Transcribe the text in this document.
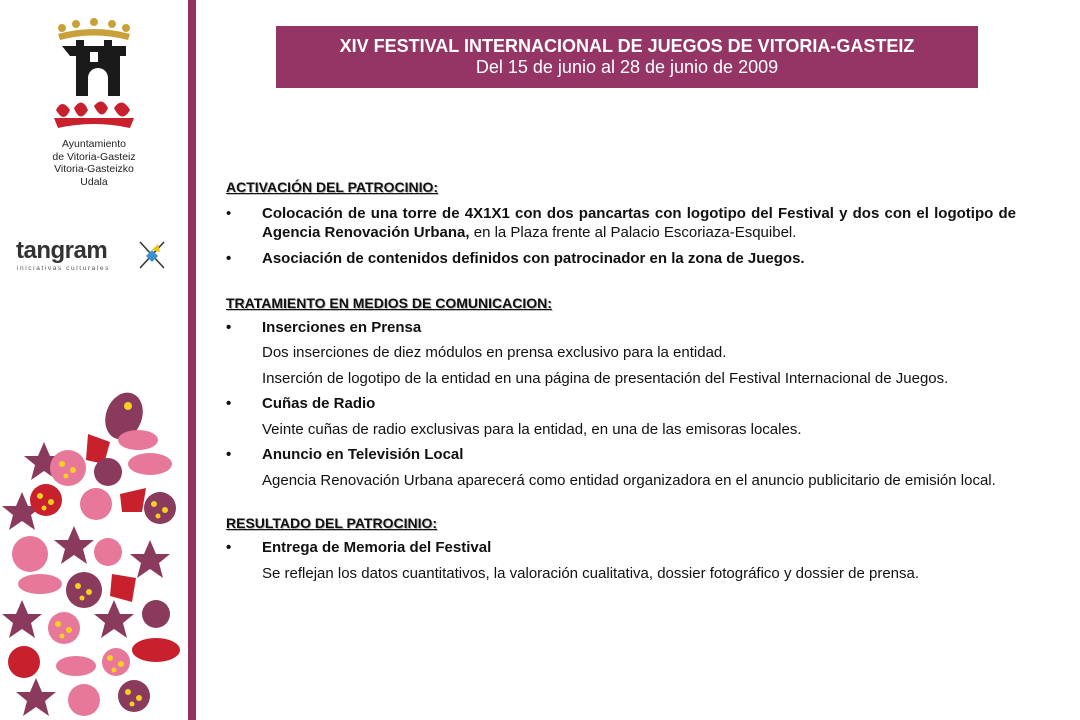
Ayuntamiento
de Vitoria-Gasteiz
Vitoria-Gasteizko
Udala
tangram
iniciativas culturales
XIV FESTIVAL INTERNACIONAL DE JUEGOS DE VITORIA-GASTEIZ
Del 15 de junio al 28 de junio de 2009
ACTIVACIÓN DEL PATROCINIO:
• Colocación de una torre de 4X1X1 con dos pancartas con logotipo del Festival y dos con el logotipo de Agencia Renovación Urbana, en la Plaza frente al Palacio Escoriaza-Esquibel.
• Asociación de contenidos definidos con patrocinador en la zona de Juegos.
TRATAMIENTO EN MEDIOS DE COMUNICACION:
• Inserciones en Prensa
Dos inserciones de diez módulos en prensa exclusivo para la entidad.
Inserción de logotipo de la entidad en una página de presentación del Festival Internacional de Juegos.
• Cuñas de Radio
Veinte cuñas de radio exclusivas para la entidad, en una de las emisoras locales.
• Anuncio en Televisión Local
Agencia Renovación Urbana aparecerá como entidad organizadora en el anuncio publicitario de emisión local.
RESULTADO DEL PATROCINIO:
• Entrega de Memoria del Festival
Se reflejan los datos cuantitativos, la valoración cualitativa, dossier fotográfico y dossier de prensa.
